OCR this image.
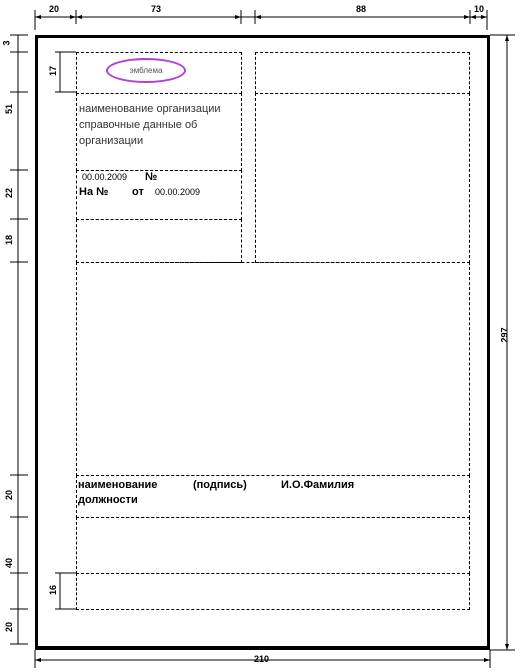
20	73	88	10
3
17
51
22
18
20
40
16
20
297
210
эмблема
наименование организации
справочные данные об
организации
00.00.2009 №
На № от 00.00.2009
наименование
должности
(подпись)	И.О.Фамилия
